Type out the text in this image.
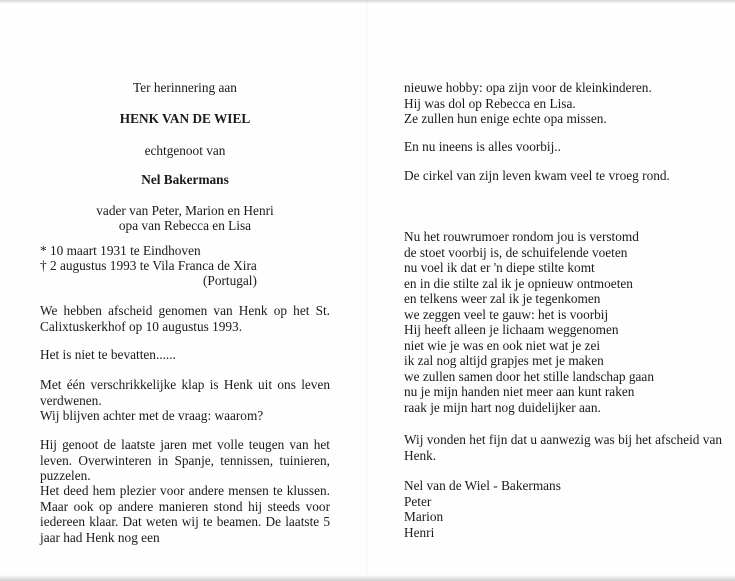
Ter herinnering aan

HENK VAN DE WIEL

echtgenoot van

Nel Bakermans

vader van Peter, Marion en Henri

opa van Rebecca en Lisa

* 10 maart 1931 te Eindhoven

† 2 augustus 1993 te Vila Franca de Xira

(Portugal)

We hebben afscheid genomen van Henk op het St. Calixtuskerkhof op 10 augustus 1993.

Het is niet te bevatten......

Met één verschrikkelijke klap is Henk uit ons leven verdwenen.

Wij blijven achter met de vraag: waarom?

Hij genoot de laatste jaren met volle teugen van het leven. Overwinteren in Spanje, tennissen, tuinieren, puzzelen.

Het deed hem plezier voor andere mensen te klussen. Maar ook op andere manieren stond hij steeds voor iedereen klaar. Dat weten wij te beamen. De laatste 5 jaar had Henk nog een

nieuwe hobby: opa zijn voor de kleinkinderen.
Hij was dol op Rebecca en Lisa.
Ze zullen hun enige echte opa missen.

En nu ineens is alles voorbij..

De cirkel van zijn leven kwam veel te vroeg rond.

Nu het rouwrumoer rondom jou is verstomd
de stoet voorbij is, de schuifelende voeten
nu voel ik dat er 'n diepe stilte komt
en in die stilte zal ik je opnieuw ontmoeten
en telkens weer zal ik je tegenkomen
we zeggen veel te gauw: het is voorbij
Hij heeft alleen je lichaam weggenomen
niet wie je was en ook niet wat je zei
ik zal nog altijd grapjes met je maken
we zullen samen door het stille landschap gaan
nu je mijn handen niet meer aan kunt raken
raak je mijn hart nog duidelijker aan.

Wij vonden het fijn dat u aanwezig was bij het afscheid van Henk.

Nel van de Wiel - Bakermans
Peter
Marion
Henri
